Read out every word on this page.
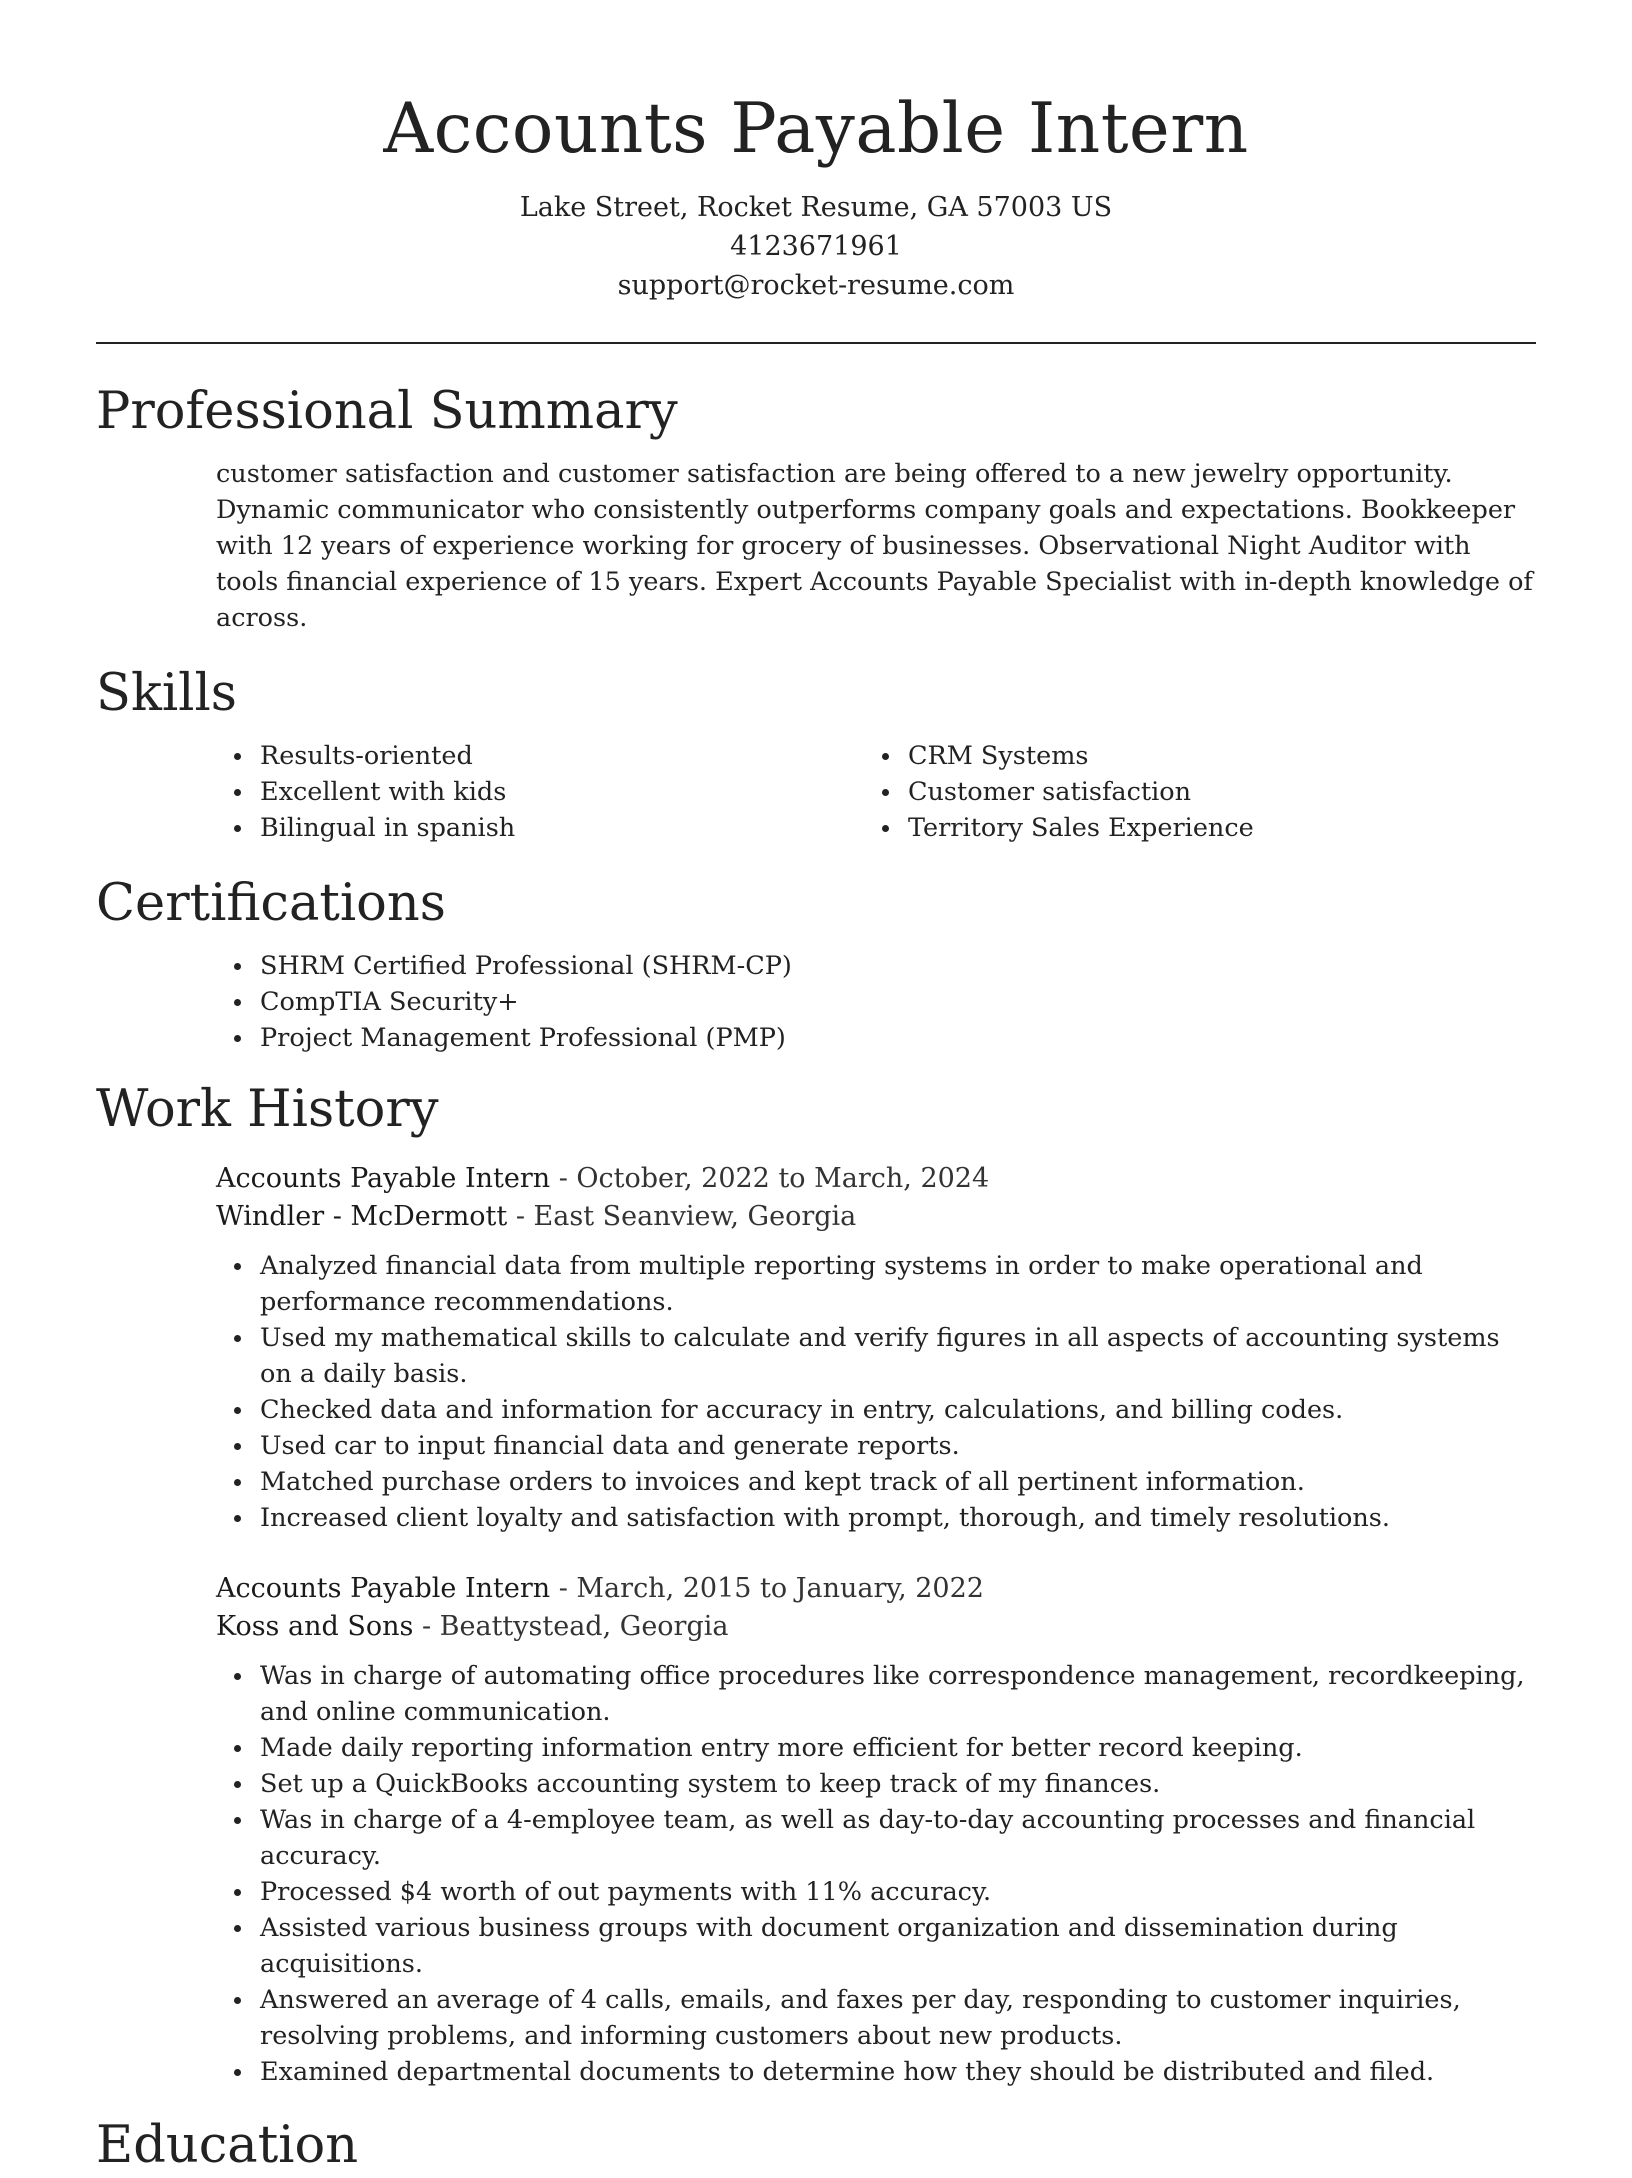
Accounts Payable Intern
Lake Street, Rocket Resume, GA 57003 US
4123671961
support@rocket-resume.com
Professional Summary

customer satisfaction and customer satisfaction are being offered to a new jewelry opportunity. Dynamic communicator who consistently outperforms company goals and expectations. Bookkeeper with 12 years of experience working for grocery of businesses. Observational Night Auditor with tools financial experience of 15 years. Expert Accounts Payable Specialist with in-depth knowledge of across.

Skills
Results-oriented
Excellent with kids
Bilingual in spanish
CRM Systems
Customer satisfaction
Territory Sales Experience
Certifications
SHRM Certified Professional (SHRM-CP)
CompTIA Security+
Project Management Professional (PMP)
Work History
Accounts Payable Intern - October, 2022 to March, 2024
Windler - McDermott - East Seanview, Georgia
Analyzed financial data from multiple reporting systems in order to make operational and performance recommendations.
Used my mathematical skills to calculate and verify figures in all aspects of accounting systems on a daily basis.
Checked data and information for accuracy in entry, calculations, and billing codes.
Used car to input financial data and generate reports.
Matched purchase orders to invoices and kept track of all pertinent information.
Increased client loyalty and satisfaction with prompt, thorough, and timely resolutions.
Accounts Payable Intern - March, 2015 to January, 2022
Koss and Sons - Beattystead, Georgia
Was in charge of automating office procedures like correspondence management, recordkeeping, and online communication.
Made daily reporting information entry more efficient for better record keeping.
Set up a QuickBooks accounting system to keep track of my finances.
Was in charge of a 4-employee team, as well as day-to-day accounting processes and financial accuracy.
Processed $4 worth of out payments with 11% accuracy.
Assisted various business groups with document organization and dissemination during acquisitions.
Answered an average of 4 calls, emails, and faxes per day, responding to customer inquiries, resolving problems, and informing customers about new products.
Examined departmental documents to determine how they should be distributed and filed.
Education
